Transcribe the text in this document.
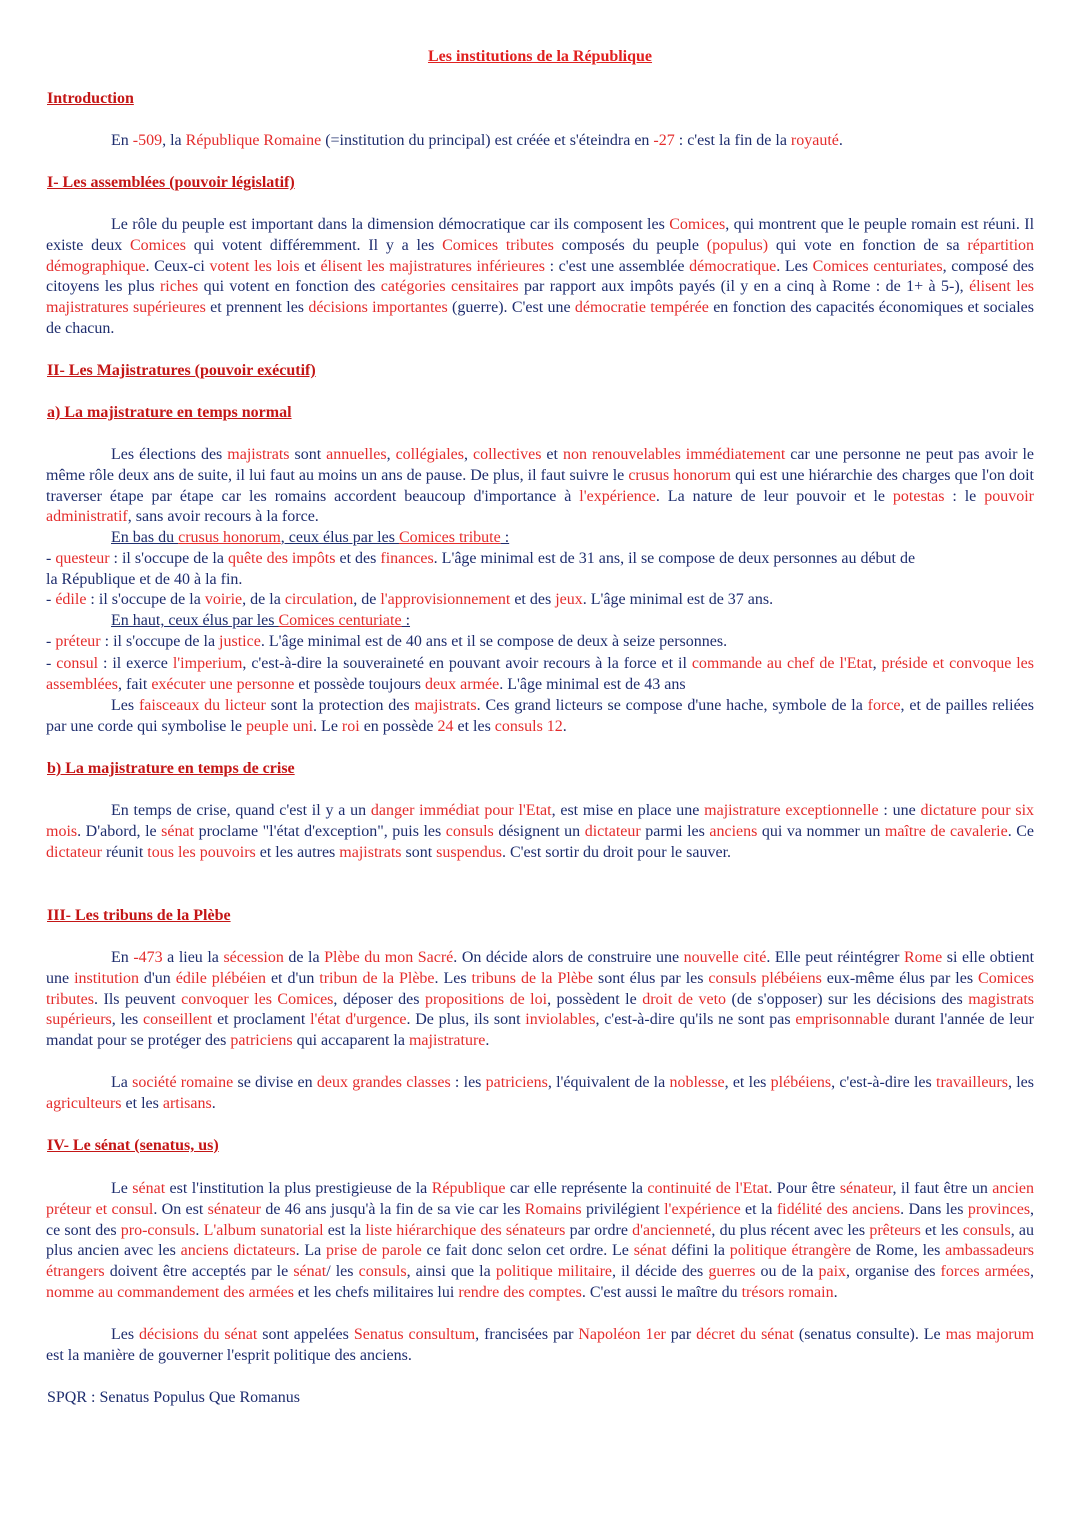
Les institutions de la République
Introduction
En -509, la République Romaine (=institution du principal) est créée et s'éteindra en -27 : c'est la fin de la royauté.
I- Les assemblées (pouvoir législatif)
Le rôle du peuple est important dans la dimension démocratique car ils composent les Comices, qui montrent que le peuple romain est réuni. Il existe deux Comices qui votent différemment. Il y a les Comices tributes composés du peuple (populus) qui vote en fonction de sa répartition démographique. Ceux-ci votent les lois et élisent les majistratures inférieures : c'est une assemblée démocratique. Les Comices centuriates, composé des citoyens les plus riches qui votent en fonction des catégories censitaires par rapport aux impôts payés (il y en a cinq à Rome : de 1+ à 5-), élisent les majistratures supérieures et prennent les décisions importantes (guerre). C'est une démocratie tempérée en fonction des capacités économiques et sociales de chacun.
II- Les Majistratures (pouvoir exécutif)
a) La majistrature en temps normal
Les élections des majistrats sont annuelles, collégiales, collectives et non renouvelables immédiatement car une personne ne peut pas avoir le même rôle deux ans de suite, il lui faut au moins un ans de pause. De plus, il faut suivre le crusus honorum qui est une hiérarchie des charges que l'on doit traverser étape par étape car les romains accordent beaucoup d'importance à l'expérience. La nature de leur pouvoir et le potestas : le pouvoir administratif, sans avoir recours à la force.
En bas du crusus honorum, ceux élus par les Comices tribute :
- questeur : il s'occupe de la quête des impôts et des finances. L'âge minimal est de 31 ans, il se compose de deux personnes au début de
la République et de 40 à la fin.
- édile : il s'occupe de la voirie, de la circulation, de l'approvisionnement et des jeux. L'âge minimal est de 37 ans.
En haut, ceux élus par les Comices centuriate :
- préteur : il s'occupe de la justice. L'âge minimal est de 40 ans et il se compose de deux à seize personnes.
- consul : il exerce l'imperium, c'est-à-dire la souveraineté en pouvant avoir recours à la force et il commande au chef de l'Etat, préside et convoque les assemblées, fait exécuter une personne et possède toujours deux armée. L'âge minimal est de 43 ans
Les faisceaux du licteur sont la protection des majistrats. Ces grand licteurs se compose d'une hache, symbole de la force, et de pailles reliées par une corde qui symbolise le peuple uni. Le roi en possède 24 et les consuls 12.
b) La majistrature en temps de crise
En temps de crise, quand c'est il y a un danger immédiat pour l'Etat, est mise en place une majistrature exceptionnelle : une dictature pour six mois. D'abord, le sénat proclame "l'état d'exception", puis les consuls désignent un dictateur parmi les anciens qui va nommer un maître de cavalerie. Ce dictateur réunit tous les pouvoirs et les autres majistrats sont suspendus. C'est sortir du droit pour le sauver.
III- Les tribuns de la Plèbe
En -473 a lieu la sécession de la Plèbe du mon Sacré. On décide alors de construire une nouvelle cité. Elle peut réintégrer Rome si elle obtient une institution d'un édile plébéien et d'un tribun de la Plèbe. Les tribuns de la Plèbe sont élus par les consuls plébéiens eux-même élus par les Comices tributes. Ils peuvent convoquer les Comices, déposer des propositions de loi, possèdent le droit de veto (de s'opposer) sur les décisions des magistrats supérieurs, les conseillent et proclament l'état d'urgence. De plus, ils sont inviolables, c'est-à-dire qu'ils ne sont pas emprisonnable durant l'année de leur mandat pour se protéger des patriciens qui accaparent la majistrature.
La société romaine se divise en deux grandes classes : les patriciens, l'équivalent de la noblesse, et les plébéiens, c'est-à-dire les travailleurs, les agriculteurs et les artisans.
IV- Le sénat (senatus, us)
Le sénat est l'institution la plus prestigieuse de la République car elle représente la continuité de l'Etat. Pour être sénateur, il faut être un ancien préteur et consul. On est sénateur de 46 ans jusqu'à la fin de sa vie car les Romains privilégient l'expérience et la fidélité des anciens. Dans les provinces, ce sont des pro-consuls. L'album sunatorial est la liste hiérarchique des sénateurs par ordre d'ancienneté, du plus récent avec les prêteurs et les consuls, au plus ancien avec les anciens dictateurs. La prise de parole ce fait donc selon cet ordre. Le sénat défini la politique étrangère de Rome, les ambassadeurs étrangers doivent être acceptés par le sénat/ les consuls, ainsi que la politique militaire, il décide des guerres ou de la paix, organise des forces armées, nomme au commandement des armées et les chefs militaires lui rendre des comptes. C'est aussi le maître du trésors romain.
Les décisions du sénat sont appelées Senatus consultum, francisées par Napoléon 1er par décret du sénat (senatus consulte). Le mas majorum est la manière de gouverner l'esprit politique des anciens.
SPQR : Senatus Populus Que Romanus
